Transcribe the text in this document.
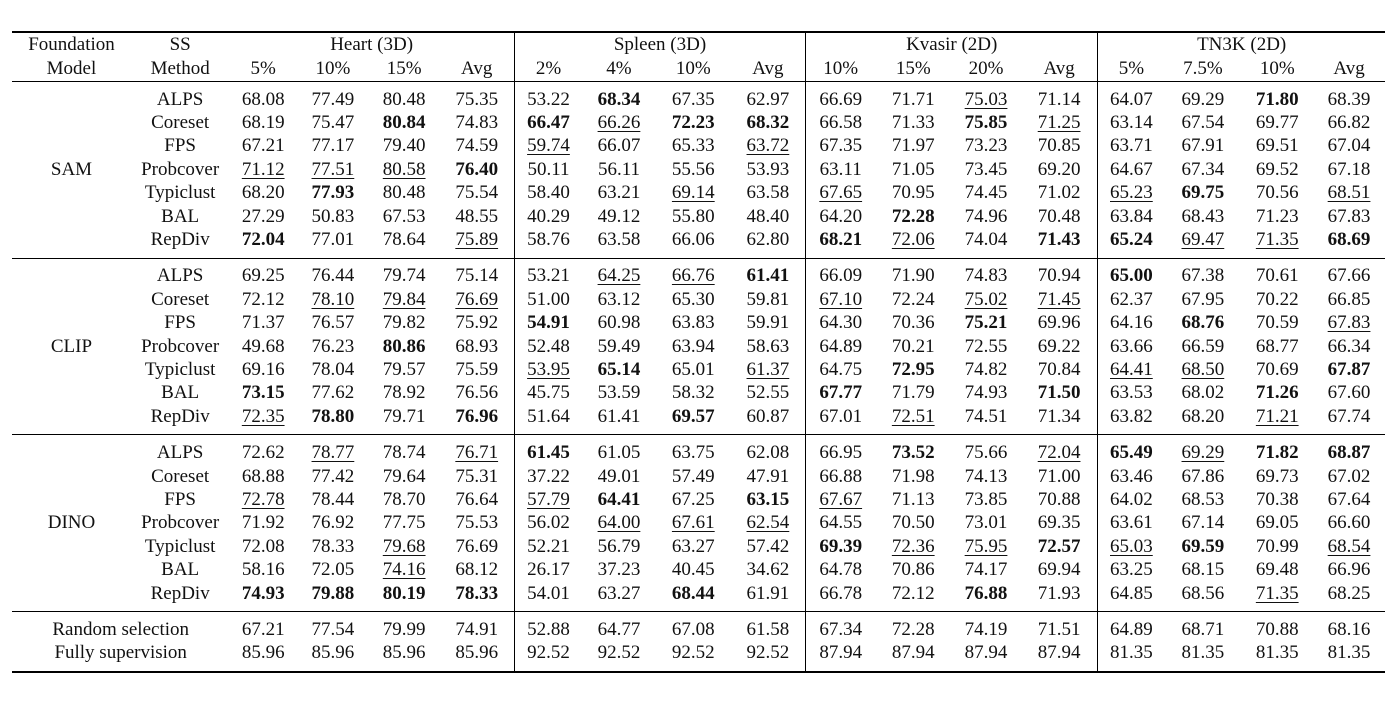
Foundation	SS	Heart (3D)				Spleen (3D)				Kvasir (2D)				TN3K (2D)			
Model	Method	5%	10%	15%	Avg	2%	4%	10%	Avg	10%	15%	20%	Avg	5%	7.5%	10%	Avg

SAM	ALPS	68.08	77.49	80.48	75.35	53.22	68.34	67.35	62.97	66.69	71.71	75.03	71.14	64.07	69.29	71.80	68.39
	Coreset	68.19	75.47	80.84	74.83	66.47	66.26	72.23	68.32	66.58	71.33	75.85	71.25	63.14	67.54	69.77	66.82
	FPS	67.21	77.17	79.40	74.59	59.74	66.07	65.33	63.72	67.35	71.97	73.23	70.85	63.71	67.91	69.51	67.04
	Probcover	71.12	77.51	80.58	76.40	50.11	56.11	55.56	53.93	63.11	71.05	73.45	69.20	64.67	67.34	69.52	67.18
	Typiclust	68.20	77.93	80.48	75.54	58.40	63.21	69.14	63.58	67.65	70.95	74.45	71.02	65.23	69.75	70.56	68.51
	BAL	27.29	50.83	67.53	48.55	40.29	49.12	55.80	48.40	64.20	72.28	74.96	70.48	63.84	68.43	71.23	67.83
	RepDiv	72.04	77.01	78.64	75.89	58.76	63.58	66.06	62.80	68.21	72.06	74.04	71.43	65.24	69.47	71.35	68.69

CLIP	ALPS	69.25	76.44	79.74	75.14	53.21	64.25	66.76	61.41	66.09	71.90	74.83	70.94	65.00	67.38	70.61	67.66
	Coreset	72.12	78.10	79.84	76.69	51.00	63.12	65.30	59.81	67.10	72.24	75.02	71.45	62.37	67.95	70.22	66.85
	FPS	71.37	76.57	79.82	75.92	54.91	60.98	63.83	59.91	64.30	70.36	75.21	69.96	64.16	68.76	70.59	67.83
	Probcover	49.68	76.23	80.86	68.93	52.48	59.49	63.94	58.63	64.89	70.21	72.55	69.22	63.66	66.59	68.77	66.34
	Typiclust	69.16	78.04	79.57	75.59	53.95	65.14	65.01	61.37	64.75	72.95	74.82	70.84	64.41	68.50	70.69	67.87
	BAL	73.15	77.62	78.92	76.56	45.75	53.59	58.32	52.55	67.77	71.79	74.93	71.50	63.53	68.02	71.26	67.60
	RepDiv	72.35	78.80	79.71	76.96	51.64	61.41	69.57	60.87	67.01	72.51	74.51	71.34	63.82	68.20	71.21	67.74

DINO	ALPS	72.62	78.77	78.74	76.71	61.45	61.05	63.75	62.08	66.95	73.52	75.66	72.04	65.49	69.29	71.82	68.87
	Coreset	68.88	77.42	79.64	75.31	37.22	49.01	57.49	47.91	66.88	71.98	74.13	71.00	63.46	67.86	69.73	67.02
	FPS	72.78	78.44	78.70	76.64	57.79	64.41	67.25	63.15	67.67	71.13	73.85	70.88	64.02	68.53	70.38	67.64
	Probcover	71.92	76.92	77.75	75.53	56.02	64.00	67.61	62.54	64.55	70.50	73.01	69.35	63.61	67.14	69.05	66.60
	Typiclust	72.08	78.33	79.68	76.69	52.21	56.79	63.27	57.42	69.39	72.36	75.95	72.57	65.03	69.59	70.99	68.54
	BAL	58.16	72.05	74.16	68.12	26.17	37.23	40.45	34.62	64.78	70.86	74.17	69.94	63.25	68.15	69.48	66.96
	RepDiv	74.93	79.88	80.19	78.33	54.01	63.27	68.44	61.91	66.78	72.12	76.88	71.93	64.85	68.56	71.35	68.25

Random selection		67.21	77.54	79.99	74.91	52.88	64.77	67.08	61.58	67.34	72.28	74.19	71.51	64.89	68.71	70.88	68.16
Fully supervision		85.96	85.96	85.96	85.96	92.52	92.52	92.52	92.52	87.94	87.94	87.94	87.94	81.35	81.35	81.35	81.35
